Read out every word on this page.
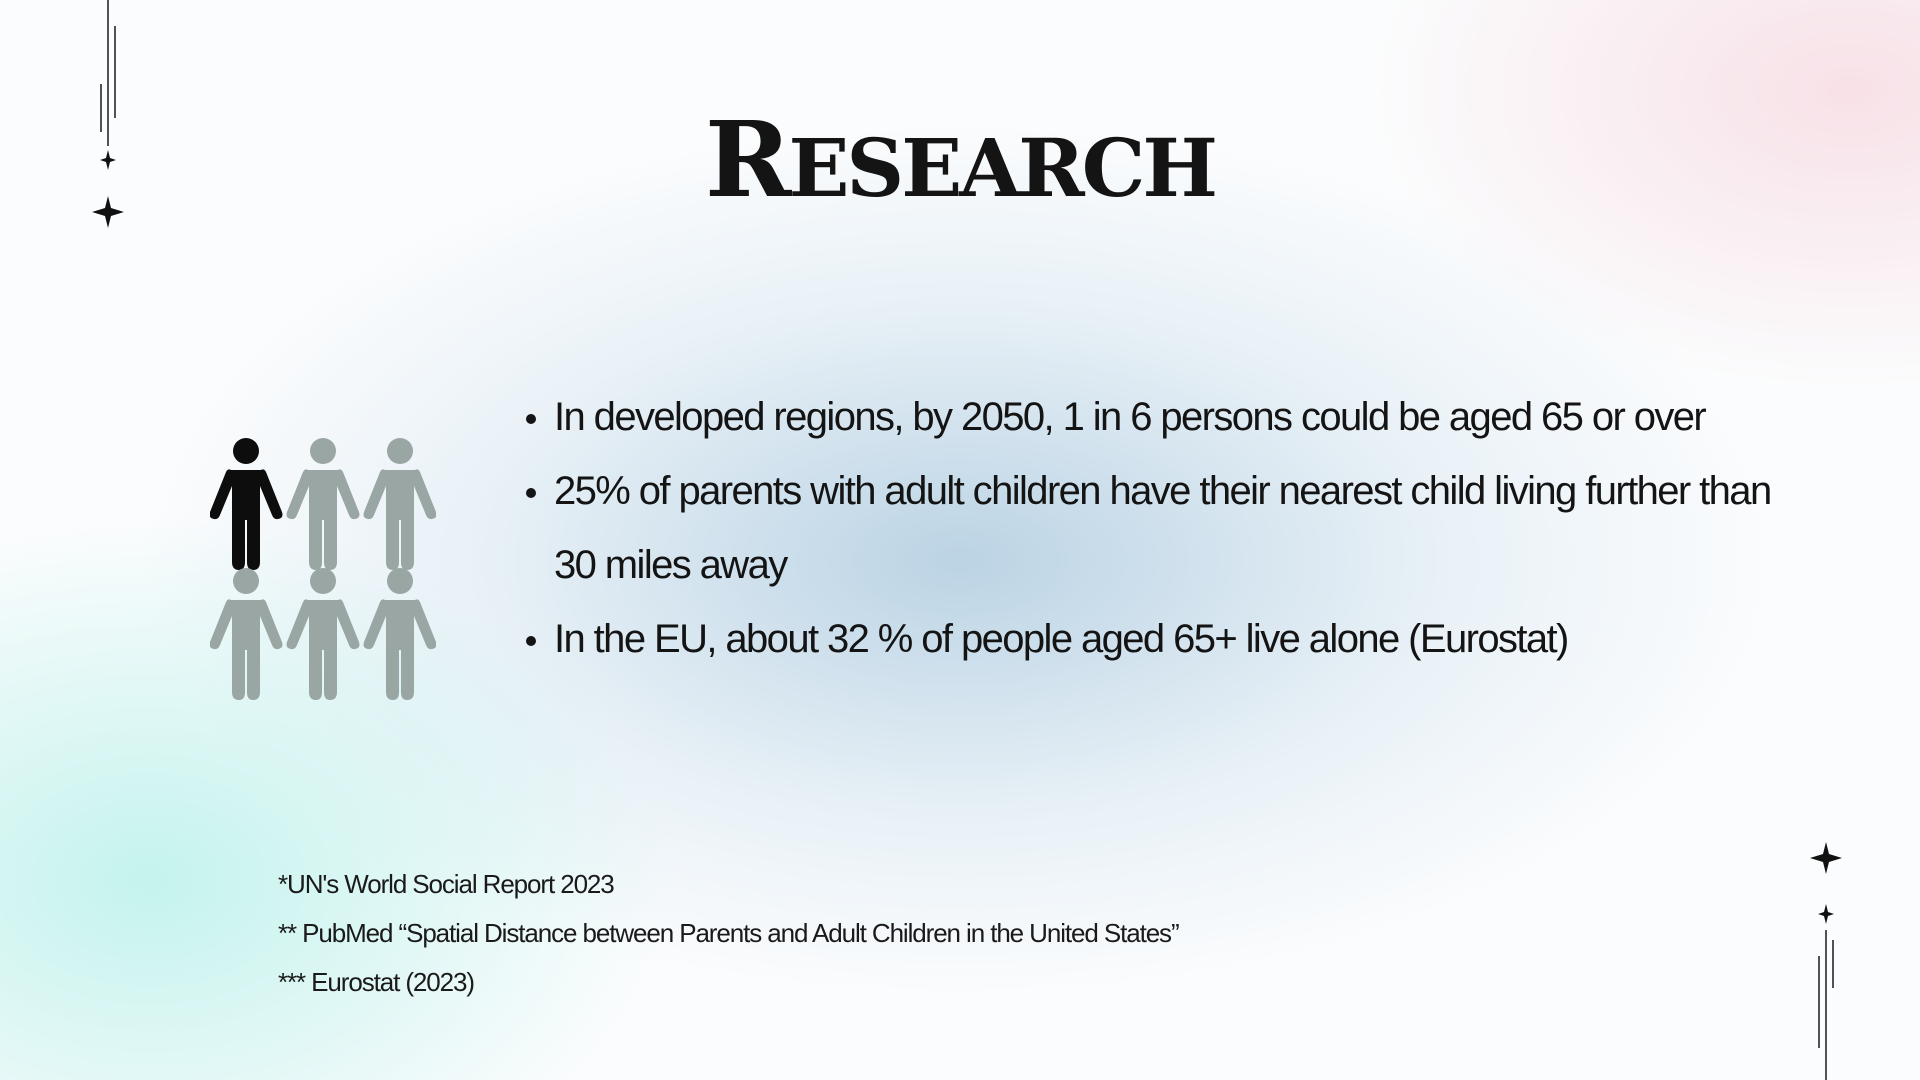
RESEARCH
In developed regions, by 2050, 1 in 6 persons could be aged 65 or over
25% of parents with adult children have their nearest child living further than 30 miles away
In the EU, about 32 % of people aged 65+ live alone (Eurostat)
*UN's World Social Report 2023
** PubMed “Spatial Distance between Parents and Adult Children in the United States”
*** Eurostat (2023)
